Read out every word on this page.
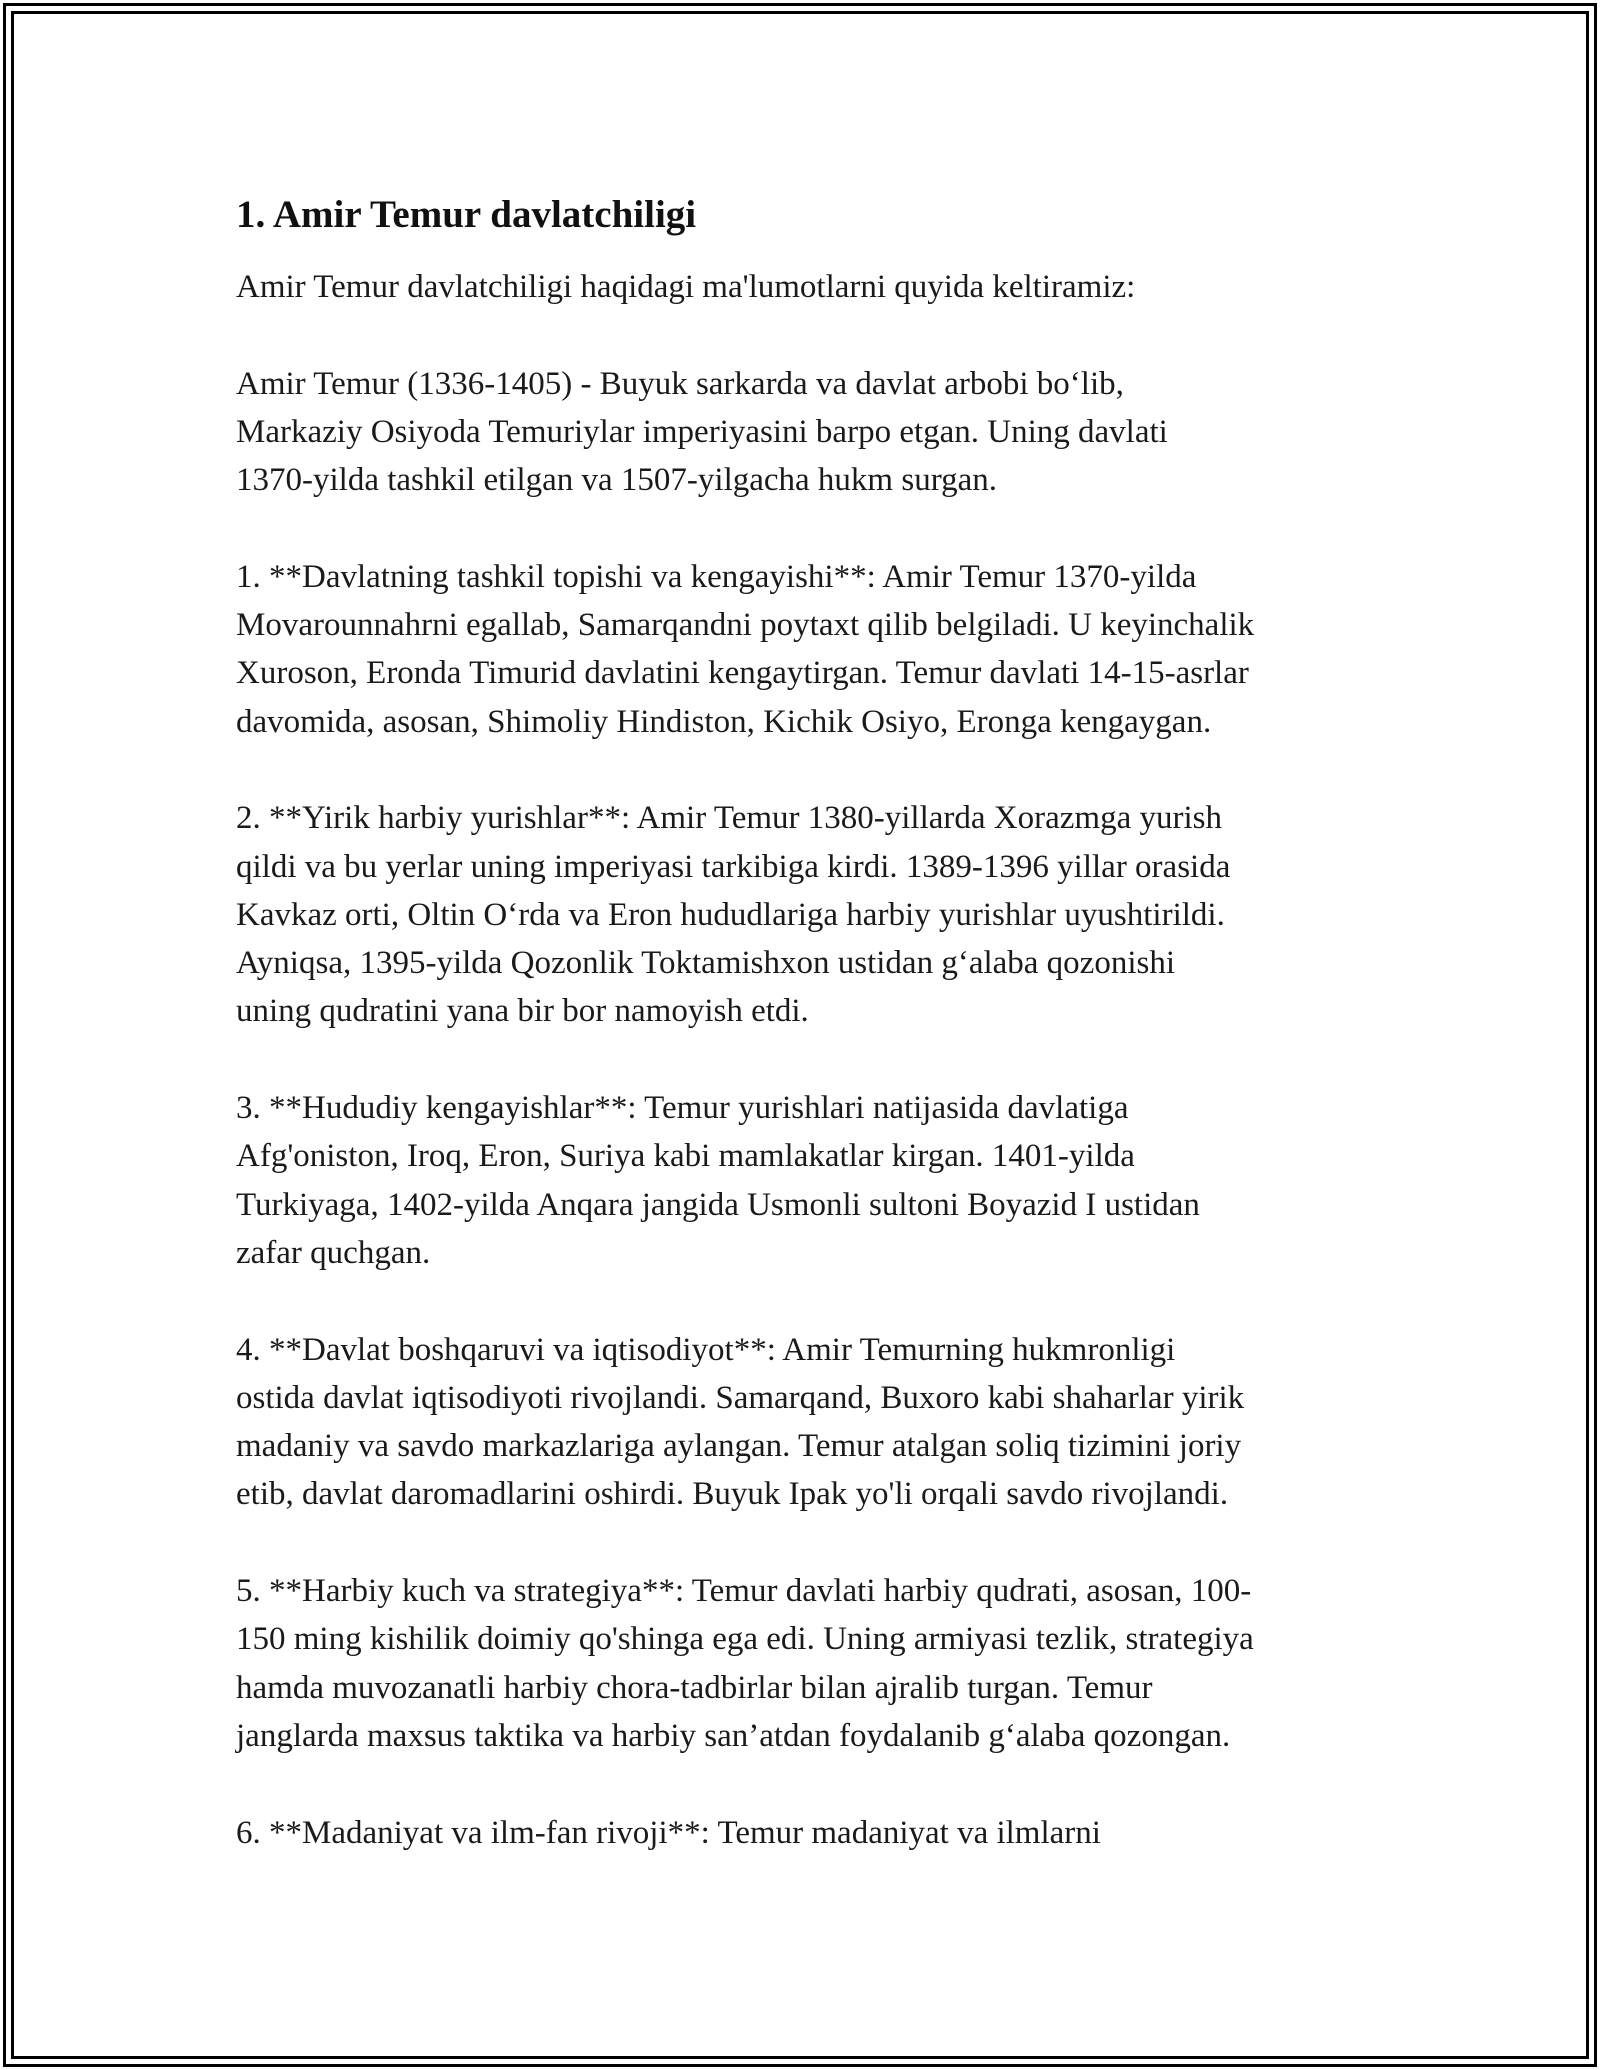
1. Amir Temur davlatchiligi

Amir Temur davlatchiligi haqidagi ma'lumotlarni quyida keltiramiz:

Amir Temur (1336-1405) - Buyuk sarkarda va davlat arbobi bo‘lib,
Markaziy Osiyoda Temuriylar imperiyasini barpo etgan. Uning davlati
1370-yilda tashkil etilgan va 1507-yilgacha hukm surgan.

1. **Davlatning tashkil topishi va kengayishi**: Amir Temur 1370-yilda
Movarounnahrni egallab, Samarqandni poytaxt qilib belgiladi. U keyinchalik
Xuroson, Eronda Timurid davlatini kengaytirgan. Temur davlati 14-15-asrlar
davomida, asosan, Shimoliy Hindiston, Kichik Osiyo, Eronga kengaygan.

2. **Yirik harbiy yurishlar**: Amir Temur 1380-yillarda Xorazmga yurish
qildi va bu yerlar uning imperiyasi tarkibiga kirdi. 1389-1396 yillar orasida
Kavkaz orti, Oltin O‘rda va Eron hududlariga harbiy yurishlar uyushtirildi.
Ayniqsa, 1395-yilda Qozonlik Toktamishxon ustidan g‘alaba qozonishi
uning qudratini yana bir bor namoyish etdi.

3. **Hududiy kengayishlar**: Temur yurishlari natijasida davlatiga
Afg'oniston, Iroq, Eron, Suriya kabi mamlakatlar kirgan. 1401-yilda
Turkiyaga, 1402-yilda Anqara jangida Usmonli sultoni Boyazid I ustidan
zafar quchgan.

4. **Davlat boshqaruvi va iqtisodiyot**: Amir Temurning hukmronligi
ostida davlat iqtisodiyoti rivojlandi. Samarqand, Buxoro kabi shaharlar yirik
madaniy va savdo markazlariga aylangan. Temur atalgan soliq tizimini joriy
etib, davlat daromadlarini oshirdi. Buyuk Ipak yo'li orqali savdo rivojlandi.

5. **Harbiy kuch va strategiya**: Temur davlati harbiy qudrati, asosan, 100-
150 ming kishilik doimiy qo'shinga ega edi. Uning armiyasi tezlik, strategiya
hamda muvozanatli harbiy chora-tadbirlar bilan ajralib turgan. Temur
janglarda maxsus taktika va harbiy san’atdan foydalanib g‘alaba qozongan.

6. **Madaniyat va ilm-fan rivoji**: Temur madaniyat va ilmlarni
